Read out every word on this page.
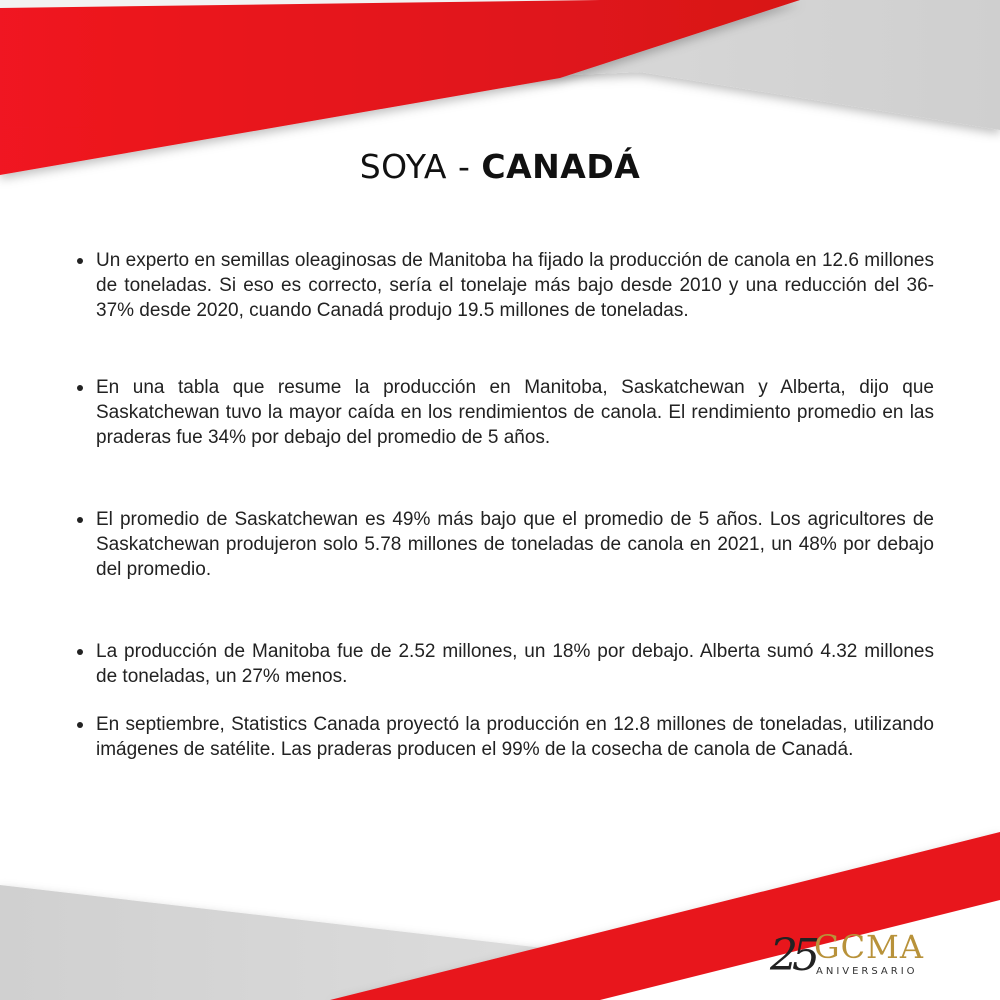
SOYA - CANADÁ
Un experto en semillas oleaginosas de Manitoba ha fijado la producción de canola en 12.6 millones de toneladas. Si eso es correcto, sería el tonelaje más bajo desde 2010 y una reducción del 36-37% desde 2020, cuando Canadá produjo 19.5 millones de toneladas.
En una tabla que resume la producción en Manitoba, Saskatchewan y Alberta, dijo que Saskatchewan tuvo la mayor caída en los rendimientos de canola. El rendimiento promedio en las praderas fue 34% por debajo del promedio de 5 años.
El promedio de Saskatchewan es 49% más bajo que el promedio de 5 años. Los agricultores de Saskatchewan produjeron solo 5.78 millones de toneladas de canola en 2021, un 48% por debajo del promedio.
La producción de Manitoba fue de 2.52 millones, un 18% por debajo. Alberta sumó 4.32 millones de toneladas, un 27% menos.
En septiembre, Statistics Canada proyectó la producción en 12.8 millones de toneladas, utilizando imágenes de satélite. Las praderas producen el 99% de la cosecha de canola de Canadá.
25 GCMA
ANIVERSARIO
